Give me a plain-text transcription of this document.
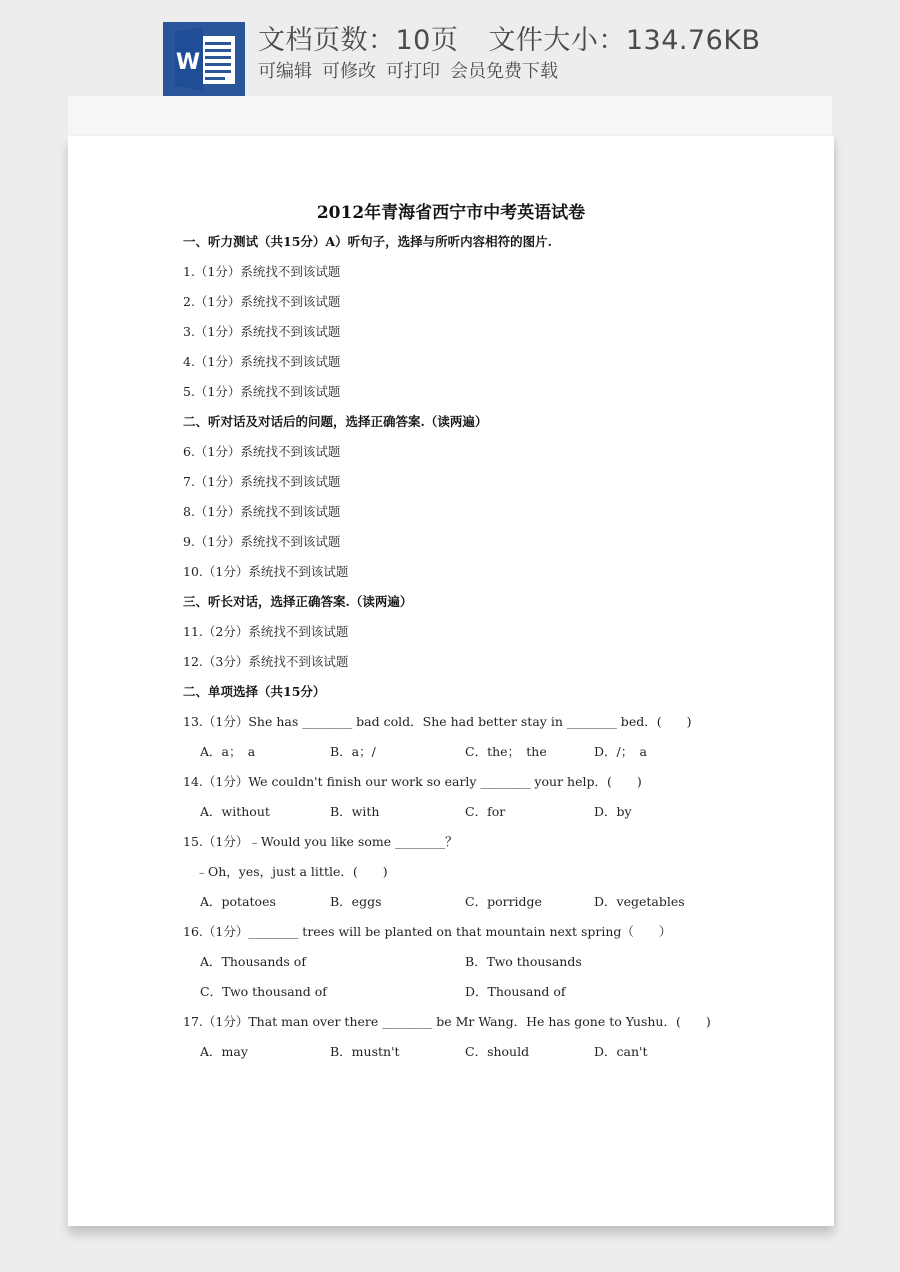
W
文档页数：10页 文件大小：134.76KB
可编辑 可修改 可打印 会员免费下载
2012年青海省西宁市中考英语试卷
一、听力测试（共15分）A）听句子，选择与所听内容相符的图片.
1.（1分）系统找不到该试题
2.（1分）系统找不到该试题
3.（1分）系统找不到该试题
4.（1分）系统找不到该试题
5.（1分）系统找不到该试题
二、听对话及对话后的问题，选择正确答案.（读两遍）
6.（1分）系统找不到该试题
7.（1分）系统找不到该试题
8.（1分）系统找不到该试题
9.（1分）系统找不到该试题
10.（1分）系统找不到该试题
三、听长对话，选择正确答案.（读两遍）
11.（2分）系统找不到该试题
12.（3分）系统找不到该试题
二、单项选择（共15分）
13.（1分）She has ________ bad cold．She had better stay in ________ bed．(　　)
A．a；　a	B．a；/	C．the；　the	D．/；　a
14.（1分）We couldn't finish our work so early ________ your help．(　　)
A．without	B．with	C．for	D．by
15.（1分）﹣Would you like some ________？
　﹣Oh，yes，just a little．(　　)
A．potatoes	B．eggs	C．porridge	D．vegetables
16.（1分）________ trees will be planted on that mountain next spring（　　）
A．Thousands of	B．Two thousands
C．Two thousand of	D．Thousand of
17.（1分）That man over there ________ be Mr Wang．He has gone to Yushu．(　　)
A．may	B．mustn't	C．should	D．can't
